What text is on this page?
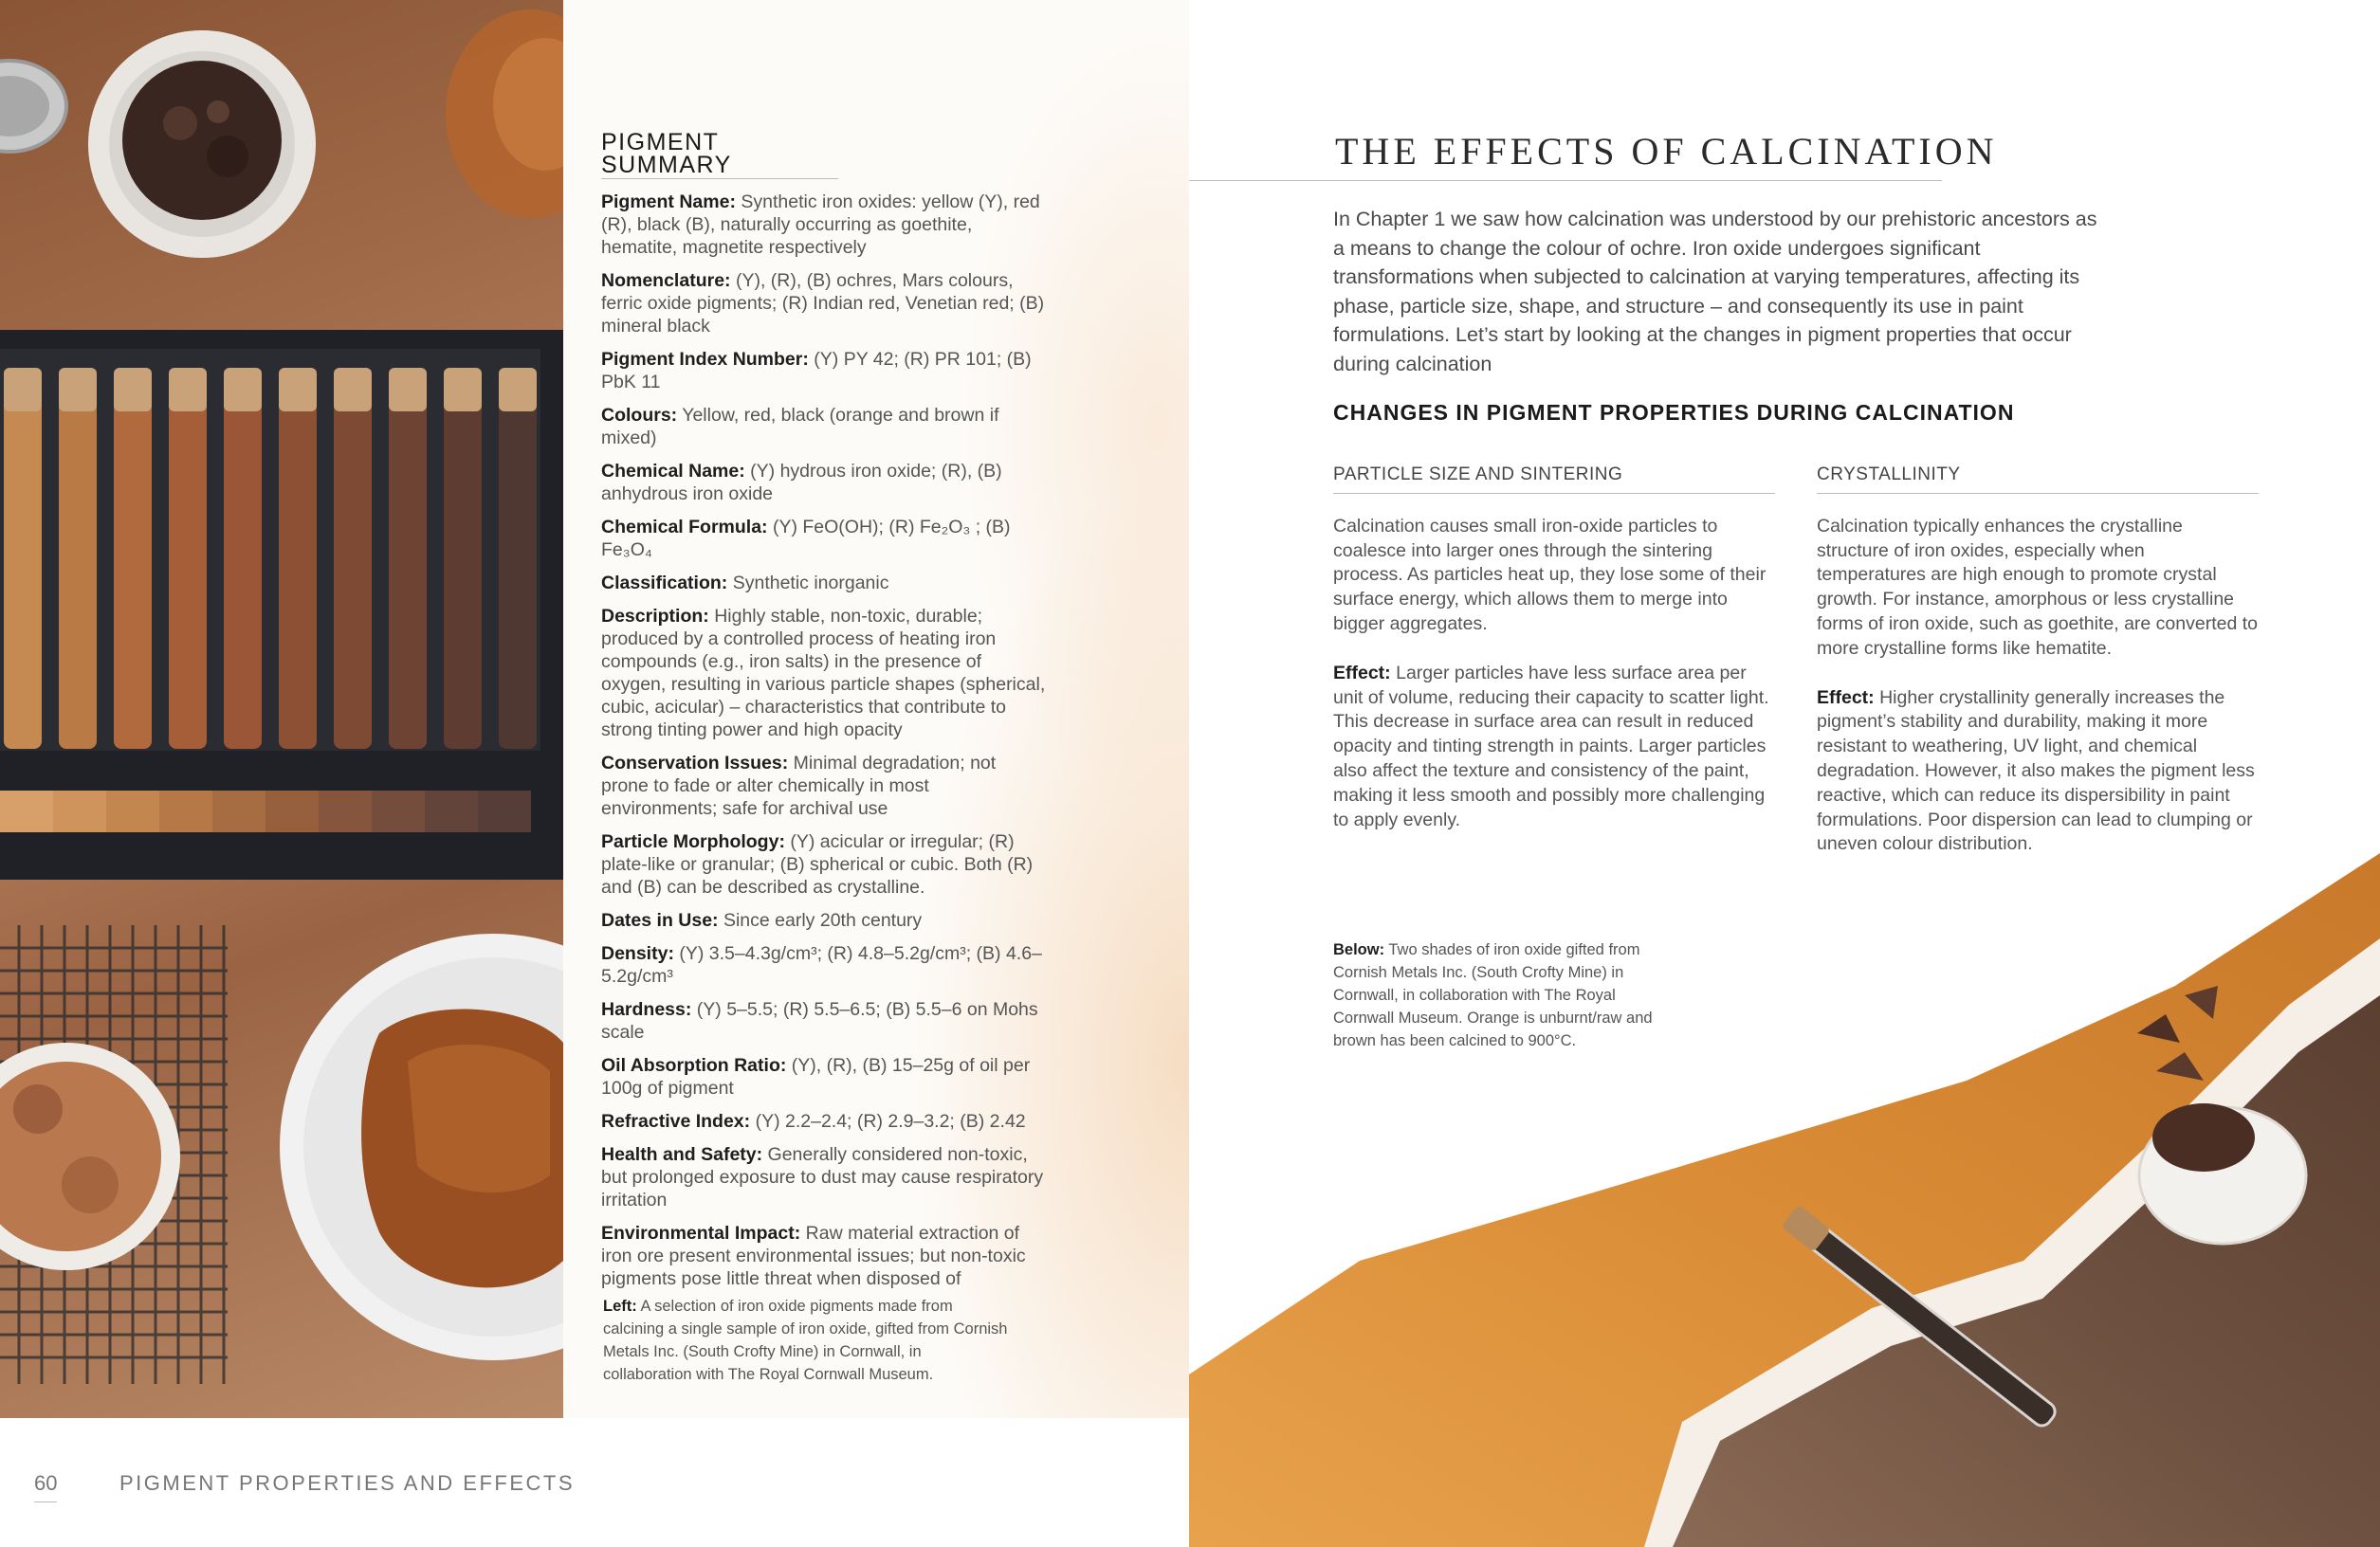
PIGMENT SUMMARY
Pigment Name: Synthetic iron oxides: yellow (Y), red (R), black (B), naturally occurring as goethite, hematite, magnetite respectively
Nomenclature: (Y), (R), (B) ochres, Mars colours, ferric oxide pigments; (R) Indian red, Venetian red; (B) mineral black
Pigment Index Number: (Y) PY 42; (R) PR 101; (B) PbK 11
Colours: Yellow, red, black (orange and brown if mixed)
Chemical Name: (Y) hydrous iron oxide; (R), (B) anhydrous iron oxide
Chemical Formula: (Y) FeO(OH); (R) Fe₂O₃ ; (B) Fe₃O₄
Classification: Synthetic inorganic
Description: Highly stable, non-toxic, durable; produced by a controlled process of heating iron compounds (e.g., iron salts) in the presence of oxygen, resulting in various particle shapes (spherical, cubic, acicular) – characteristics that contribute to strong tinting power and high opacity
Conservation Issues: Minimal degradation; not prone to fade or alter chemically in most environments; safe for archival use
Particle Morphology: (Y) acicular or irregular; (R) plate-like or granular; (B) spherical or cubic. Both (R) and (B) can be described as crystalline.
Dates in Use: Since early 20th century
Density: (Y) 3.5–4.3g/cm³; (R) 4.8–5.2g/cm³; (B) 4.6–5.2g/cm³
Hardness: (Y) 5–5.5; (R) 5.5–6.5; (B) 5.5–6 on Mohs scale
Oil Absorption Ratio: (Y), (R), (B) 15–25g of oil per 100g of pigment
Refractive Index: (Y) 2.2–2.4; (R) 2.9–3.2; (B) 2.42
Health and Safety: Generally considered non-toxic, but prolonged exposure to dust may cause respiratory irritation
Environmental Impact: Raw material extraction of iron ore present environmental issues; but non-toxic pigments pose little threat when disposed of
Left: A selection of iron oxide pigments made from calcining a single sample of iron oxide, gifted from Cornish Metals Inc. (South Crofty Mine) in Cornwall, in collaboration with The Royal Cornwall Museum.
60	PIGMENT PROPERTIES AND EFFECTS
THE EFFECTS OF CALCINATION
In Chapter 1 we saw how calcination was understood by our prehistoric ancestors as a means to change the colour of ochre. Iron oxide undergoes significant transformations when subjected to calcination at varying temperatures, affecting its phase, particle size, shape, and structure – and consequently its use in paint formulations. Let’s start by looking at the changes in pigment properties that occur during calcination
CHANGES IN PIGMENT PROPERTIES DURING CALCINATION
PARTICLE SIZE AND SINTERING

Calcination causes small iron-oxide particles to coalesce into larger ones through the sintering process. As particles heat up, they lose some of their surface energy, which allows them to merge into bigger aggregates.

Effect: Larger particles have less surface area per unit of volume, reducing their capacity to scatter light. This decrease in surface area can result in reduced opacity and tinting strength in paints. Larger particles also affect the texture and consistency of the paint, making it less smooth and possibly more challenging to apply evenly.

CRYSTALLINITY

Calcination typically enhances the crystalline structure of iron oxides, especially when temperatures are high enough to promote crystal growth. For instance, amorphous or less crystalline forms of iron oxide, such as goethite, are converted to more crystalline forms like hematite.

Effect: Higher crystallinity generally increases the pigment’s stability and durability, making it more resistant to weathering, UV light, and chemical degradation. However, it also makes the pigment less reactive, which can reduce its dispersibility in paint formulations. Poor dispersion can lead to clumping or uneven colour distribution.

Below: Two shades of iron oxide gifted from Cornish Metals Inc. (South Crofty Mine) in Cornwall, in collaboration with The Royal Cornwall Museum. Orange is unburnt/raw and brown has been calcined to 900°C.
